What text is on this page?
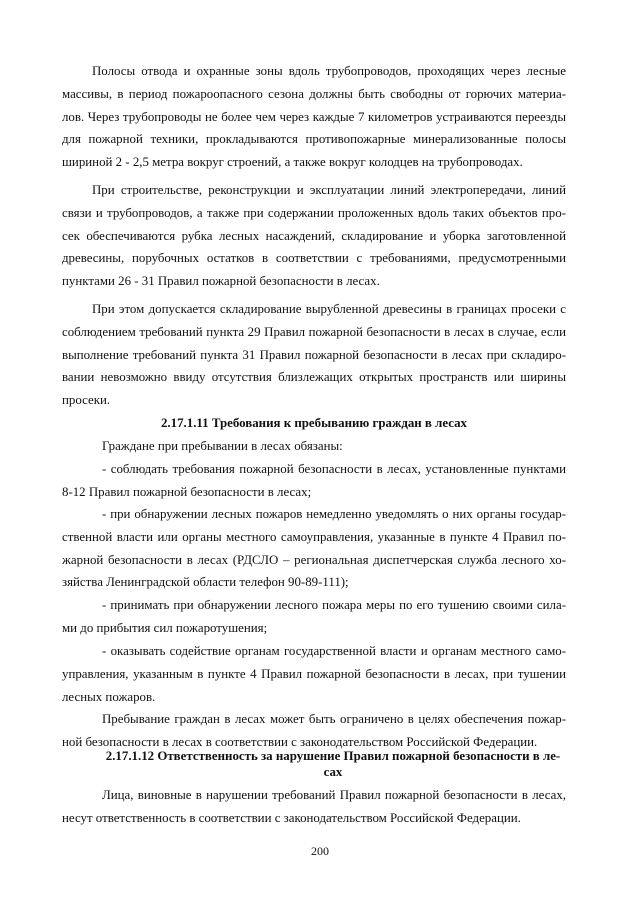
Полосы отвода и охранные зоны вдоль трубопроводов, проходящих через лесные
массивы, в период пожароопасного сезона должны быть свободны от горючих материа-
лов. Через трубопроводы не более чем через каждые 7 километров устраиваются переезды
для пожарной техники, прокладываются противопожарные минерализованные полосы
шириной 2 - 2,5 метра вокруг строений, а также вокруг колодцев на трубопроводах.
При строительстве, реконструкции и эксплуатации линий электропередачи, линий
связи и трубопроводов, а также при содержании проложенных вдоль таких объектов про-
сек обеспечиваются рубка лесных насаждений, складирование и уборка заготовленной
древесины, порубочных остатков в соответствии с требованиями, предусмотренными
пунктами 26 - 31 Правил пожарной безопасности в лесах.
При этом допускается складирование вырубленной древесины в границах просеки с
соблюдением требований пункта 29 Правил пожарной безопасности в лесах в случае, если
выполнение требований пункта 31 Правил пожарной безопасности в лесах при складиро-
вании невозможно ввиду отсутствия близлежащих открытых пространств или ширины
просеки.
2.17.1.11 Требования к пребыванию граждан в лесах
Граждане при пребывании в лесах обязаны:
- соблюдать требования пожарной безопасности в лесах, установленные пунктами
8-12 Правил пожарной безопасности в лесах;
- при обнаружении лесных пожаров немедленно уведомлять о них органы государ-
ственной власти или органы местного самоуправления, указанные в пункте 4 Правил по-
жарной безопасности в лесах (РДСЛО – региональная диспетчерская служба лесного хо-
зяйства Ленинградской области телефон 90-89-111);
- принимать при обнаружении лесного пожара меры по его тушению своими сила-
ми до прибытия сил пожаротушения;
- оказывать содействие органам государственной власти и органам местного само-
управления, указанным в пункте 4 Правил пожарной безопасности в лесах, при тушении
лесных пожаров.
Пребывание граждан в лесах может быть ограничено в целях обеспечения пожар-
ной безопасности в лесах в соответствии с законодательством Российской Федерации.
2.17.1.12 Ответственность за нарушение Правил пожарной безопасности в ле-
сах
Лица, виновные в нарушении требований Правил пожарной безопасности в лесах,
несут ответственность в соответствии с законодательством Российской Федерации.
200
